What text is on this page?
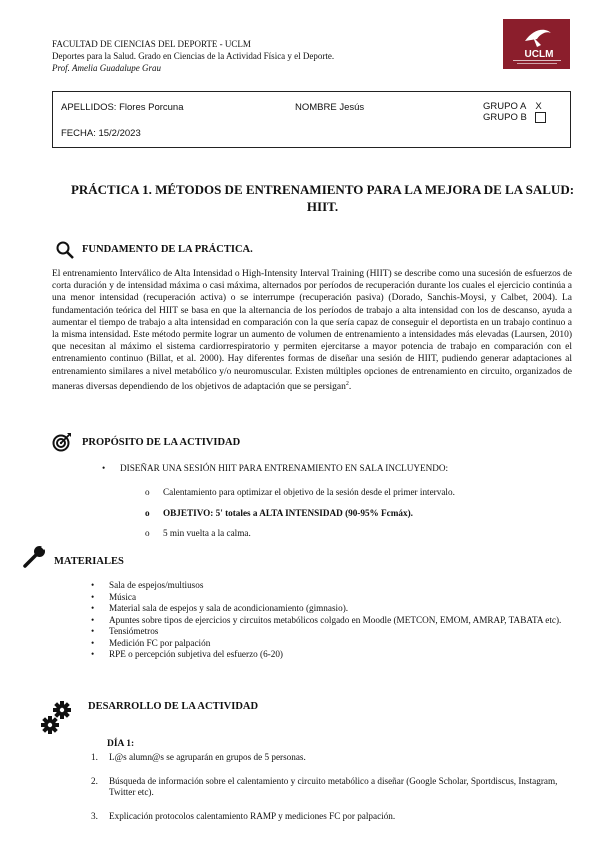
FACULTAD DE CIENCIAS DEL DEPORTE - UCLM
Deportes para la Salud. Grado en Ciencias de la Actividad Física y el Deporte.
Prof. Amelia Guadalupe Grau
UCLM
APELLIDOS: Flores Porcuna	NOMBRE Jesús	GRUPO A X
GRUPO B
FECHA: 15/2/2023
PRÁCTICA 1. MÉTODOS DE ENTRENAMIENTO PARA LA MEJORA DE LA SALUD: HIIT.
FUNDAMENTO DE LA PRÁCTICA.
El entrenamiento Interválico de Alta Intensidad o High-Intensity Interval Training (HIIT) se describe como una sucesión de esfuerzos de corta duración y de intensidad máxima o casi máxima, alternados por períodos de recuperación durante los cuales el ejercicio continúa a una menor intensidad (recuperación activa) o se interrumpe (recuperación pasiva) (Dorado, Sanchis-Moysi, y Calbet, 2004). La fundamentación teórica del HIIT se basa en que la alternancia de los períodos de trabajo a alta intensidad con los de descanso, ayuda a aumentar el tiempo de trabajo a alta intensidad en comparación con la que sería capaz de conseguir el deportista en un trabajo continuo a la misma intensidad. Este método permite lograr un aumento de volumen de entrenamiento a intensidades más elevadas (Laursen, 2010) que necesitan al máximo el sistema cardiorrespiratorio y permiten ejercitarse a mayor potencia de trabajo en comparación con el entrenamiento continuo (Billat, et al. 2000). Hay diferentes formas de diseñar una sesión de HIIT, pudiendo generar adaptaciones al entrenamiento similares a nivel metabólico y/o neuromuscular. Existen múltiples opciones de entrenamiento en circuito, organizados de maneras diversas dependiendo de los objetivos de adaptación que se persigan$^2$.
PROPÓSITO DE LA ACTIVIDAD
• DISEÑAR UNA SESIÓN HIIT PARA ENTRENAMIENTO EN SALA INCLUYENDO:
o Calentamiento para optimizar el objetivo de la sesión desde el primer intervalo.
o OBJETIVO: 5' totales a ALTA INTENSIDAD (90-95% Fcmáx).
o 5 min vuelta a la calma.
MATERIALES
• Sala de espejos/multiusos
• Música
• Material sala de espejos y sala de acondicionamiento (gimnasio).
• Apuntes sobre tipos de ejercicios y circuitos metabólicos colgado en Moodle (METCON, EMOM, AMRAP, TABATA etc).
• Tensiómetros
• Medición FC por palpación
• RPE o percepción subjetiva del esfuerzo (6-20)
DESARROLLO DE LA ACTIVIDAD
DÍA 1:
1. L@s alumn@s se agruparán en grupos de 5 personas.
2. Búsqueda de información sobre el calentamiento y circuito metabólico a diseñar (Google Scholar, Sportdiscus, Instagram, Twitter etc).
3. Explicación protocolos calentamiento RAMP y mediciones FC por palpación.
